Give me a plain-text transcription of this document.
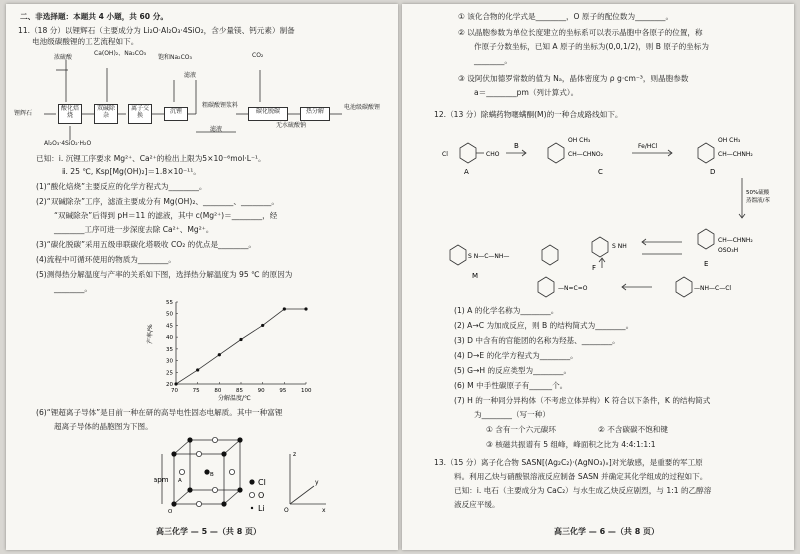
二、非选择题：本题共 4 小题，共 60 分。
11.（18 分）以锂辉石（主要成分为 Li₂O·Al₂O₃·4SiO₂，含少量镁、钙元素）制备
电池级碳酸锂的工艺流程如下。
浓硫酸
Ca(OH)₂、Na₂CO₃
饱和Na₂CO₃
滤液
CO₂
锂辉石
酸化焙烧
双碱除杂
离子交换
沉锂
粗碳酸锂浆料
碳化脱碳	热分解
电池级碳酸锂
Al₂O₃·4SiO₂·H₂O
滤液
无水硫酸钠
已知：ⅰ. 沉锂工序要求 Mg²⁺、Ca²⁺的检出上限为5×10⁻⁶mol·L⁻¹。
ⅱ. 25 ℃, Ksp[Mg(OH)₂]＝1.8×10⁻¹¹。
(1)“酸化焙烧”主要反应的化学方程式为________。
(2)“双碱除杂”工序，滤渣主要成分有 Mg(OH)₂、________、________。
“双碱除杂”后得到 pH＝11 的滤液，其中 c(Mg²⁺)＝________，经
________工序可进一步深度去除 Ca²⁺、Mg²⁺。
(3)“碳化脱碳”采用五级串联碳化塔吸收 CO₂ 的优点是________。
(4)流程中可循环使用的物质为________。
(5)测得热分解温度与产率的关系如下图，选择热分解温度为 95 ℃ 的原因为
________。
70	75	80	85	90	95	100
20
25
30
35
40
45
50
55
产率/%
分解温度/℃
(6)“锂超离子导体”是目前一种在研的高导电性固态电解质。其中一种富锂
超离子导体的晶胞图为下图。
apm A
B
O
Cl
O
Li
z
y
x
O
高三化学 — 5 —（共 8 页）
① 该化合物的化学式是________，O 原子的配位数为________。
② 以晶胞参数为单位长度建立的坐标系可以表示晶胞中各原子的位置，称
作原子分数坐标，已知 A 原子的坐标为(0,0,1/2)，则 B 原子的坐标为
________。
③ 设阿伏加德罗常数的值为 Nₐ，晶体密度为 ρ g·cm⁻³，则晶胞参数
a＝________pm（列计算式）。
12.（13 分）除螨药物噻螨酮(M)的一种合成路线如下。
Cl	CHO
A
B
CH—CHNO₂
OH CH₃
C
Fe/HCl
CH—CHNH₂
OH CH₃
D
50%硫酸
蒸馏液/苯
CH—CHNH₂
OSO₃H
E
S N—C—NH—
M
S NH
F
—N=C=O	—NH—C—Cl
(1) A 的化学名称为________。
(2) A→C 为加成反应，则 B 的结构简式为________。
(3) D 中含有的官能团的名称为羟基、________。
(4) D→E 的化学方程式为________。
(5) G→H 的反应类型为________。
(6) M 中手性碳原子有______个。
(7) H 的一种同分异构体（不考虑立体异构）K 符合以下条件，K 的结构简式
为________（写一种）
① 含有一个六元碳环	② 不含碳碳不饱和键
③ 核磁共振谱有 5 组峰，峰面积之比为 4:4:1:1:1
13.（15 分）离子化合物 SASN[(Ag₂C₂)·(AgNO₃)ₓ]对光敏感，是重要的军工原
料。利用乙炔与硝酸银溶液反应制备 SASN 并确定其化学组成的过程如下。
已知：ⅰ. 电石（主要成分为 CaC₂）与水生成乙炔反应剧烈，与 1:1 的乙醇溶
液反应平缓。
高三化学 — 6 —（共 8 页）
